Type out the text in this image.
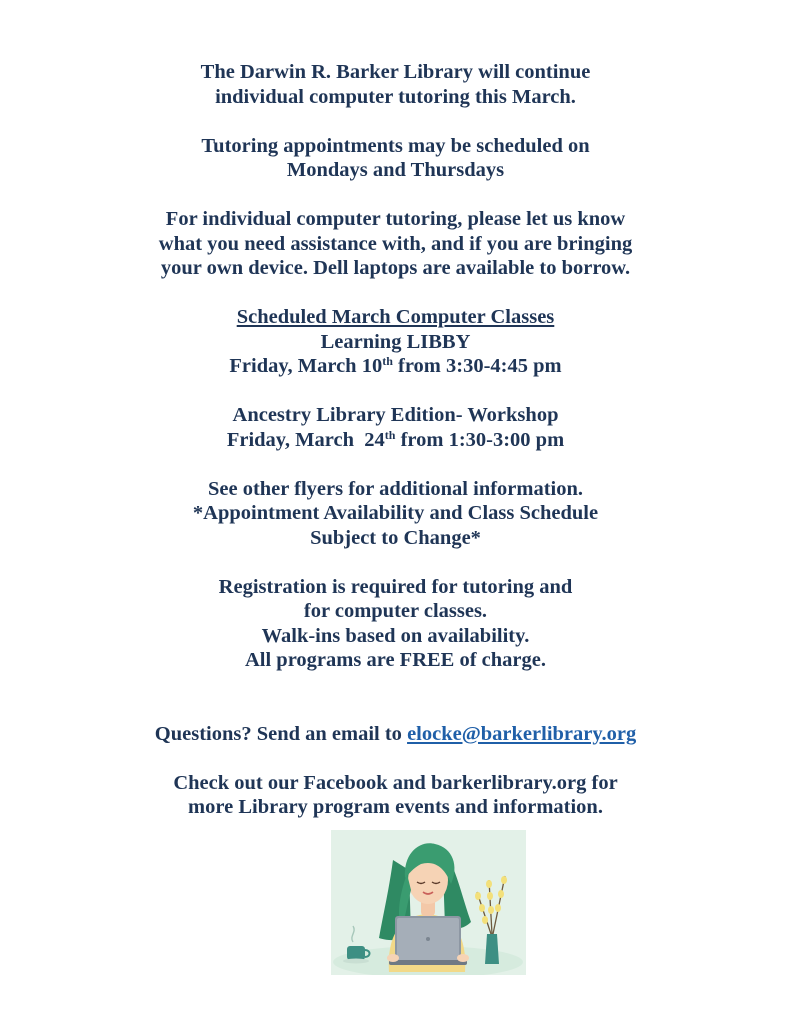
The Darwin R. Barker Library will continue

individual computer tutoring this March.

Tutoring appointments may be scheduled on

Mondays and Thursdays

For individual computer tutoring, please let us know

what you need assistance with, and if you are bringing

your own device. Dell laptops are available to borrow.

Scheduled March Computer Classes

Learning LIBBY

Friday, March 10th from 3:30-4:45 pm

Ancestry Library Edition- Workshop

Friday, March  24th from 1:30-3:00 pm

See other flyers for additional information.

*Appointment Availability and Class Schedule

Subject to Change*

Registration is required for tutoring and

for computer classes.

Walk-ins based on availability.

All programs are FREE of charge.

Questions? Send an email to elocke@barkerlibrary.org

Check out our Facebook and barkerlibrary.org for

more Library program events and information.
